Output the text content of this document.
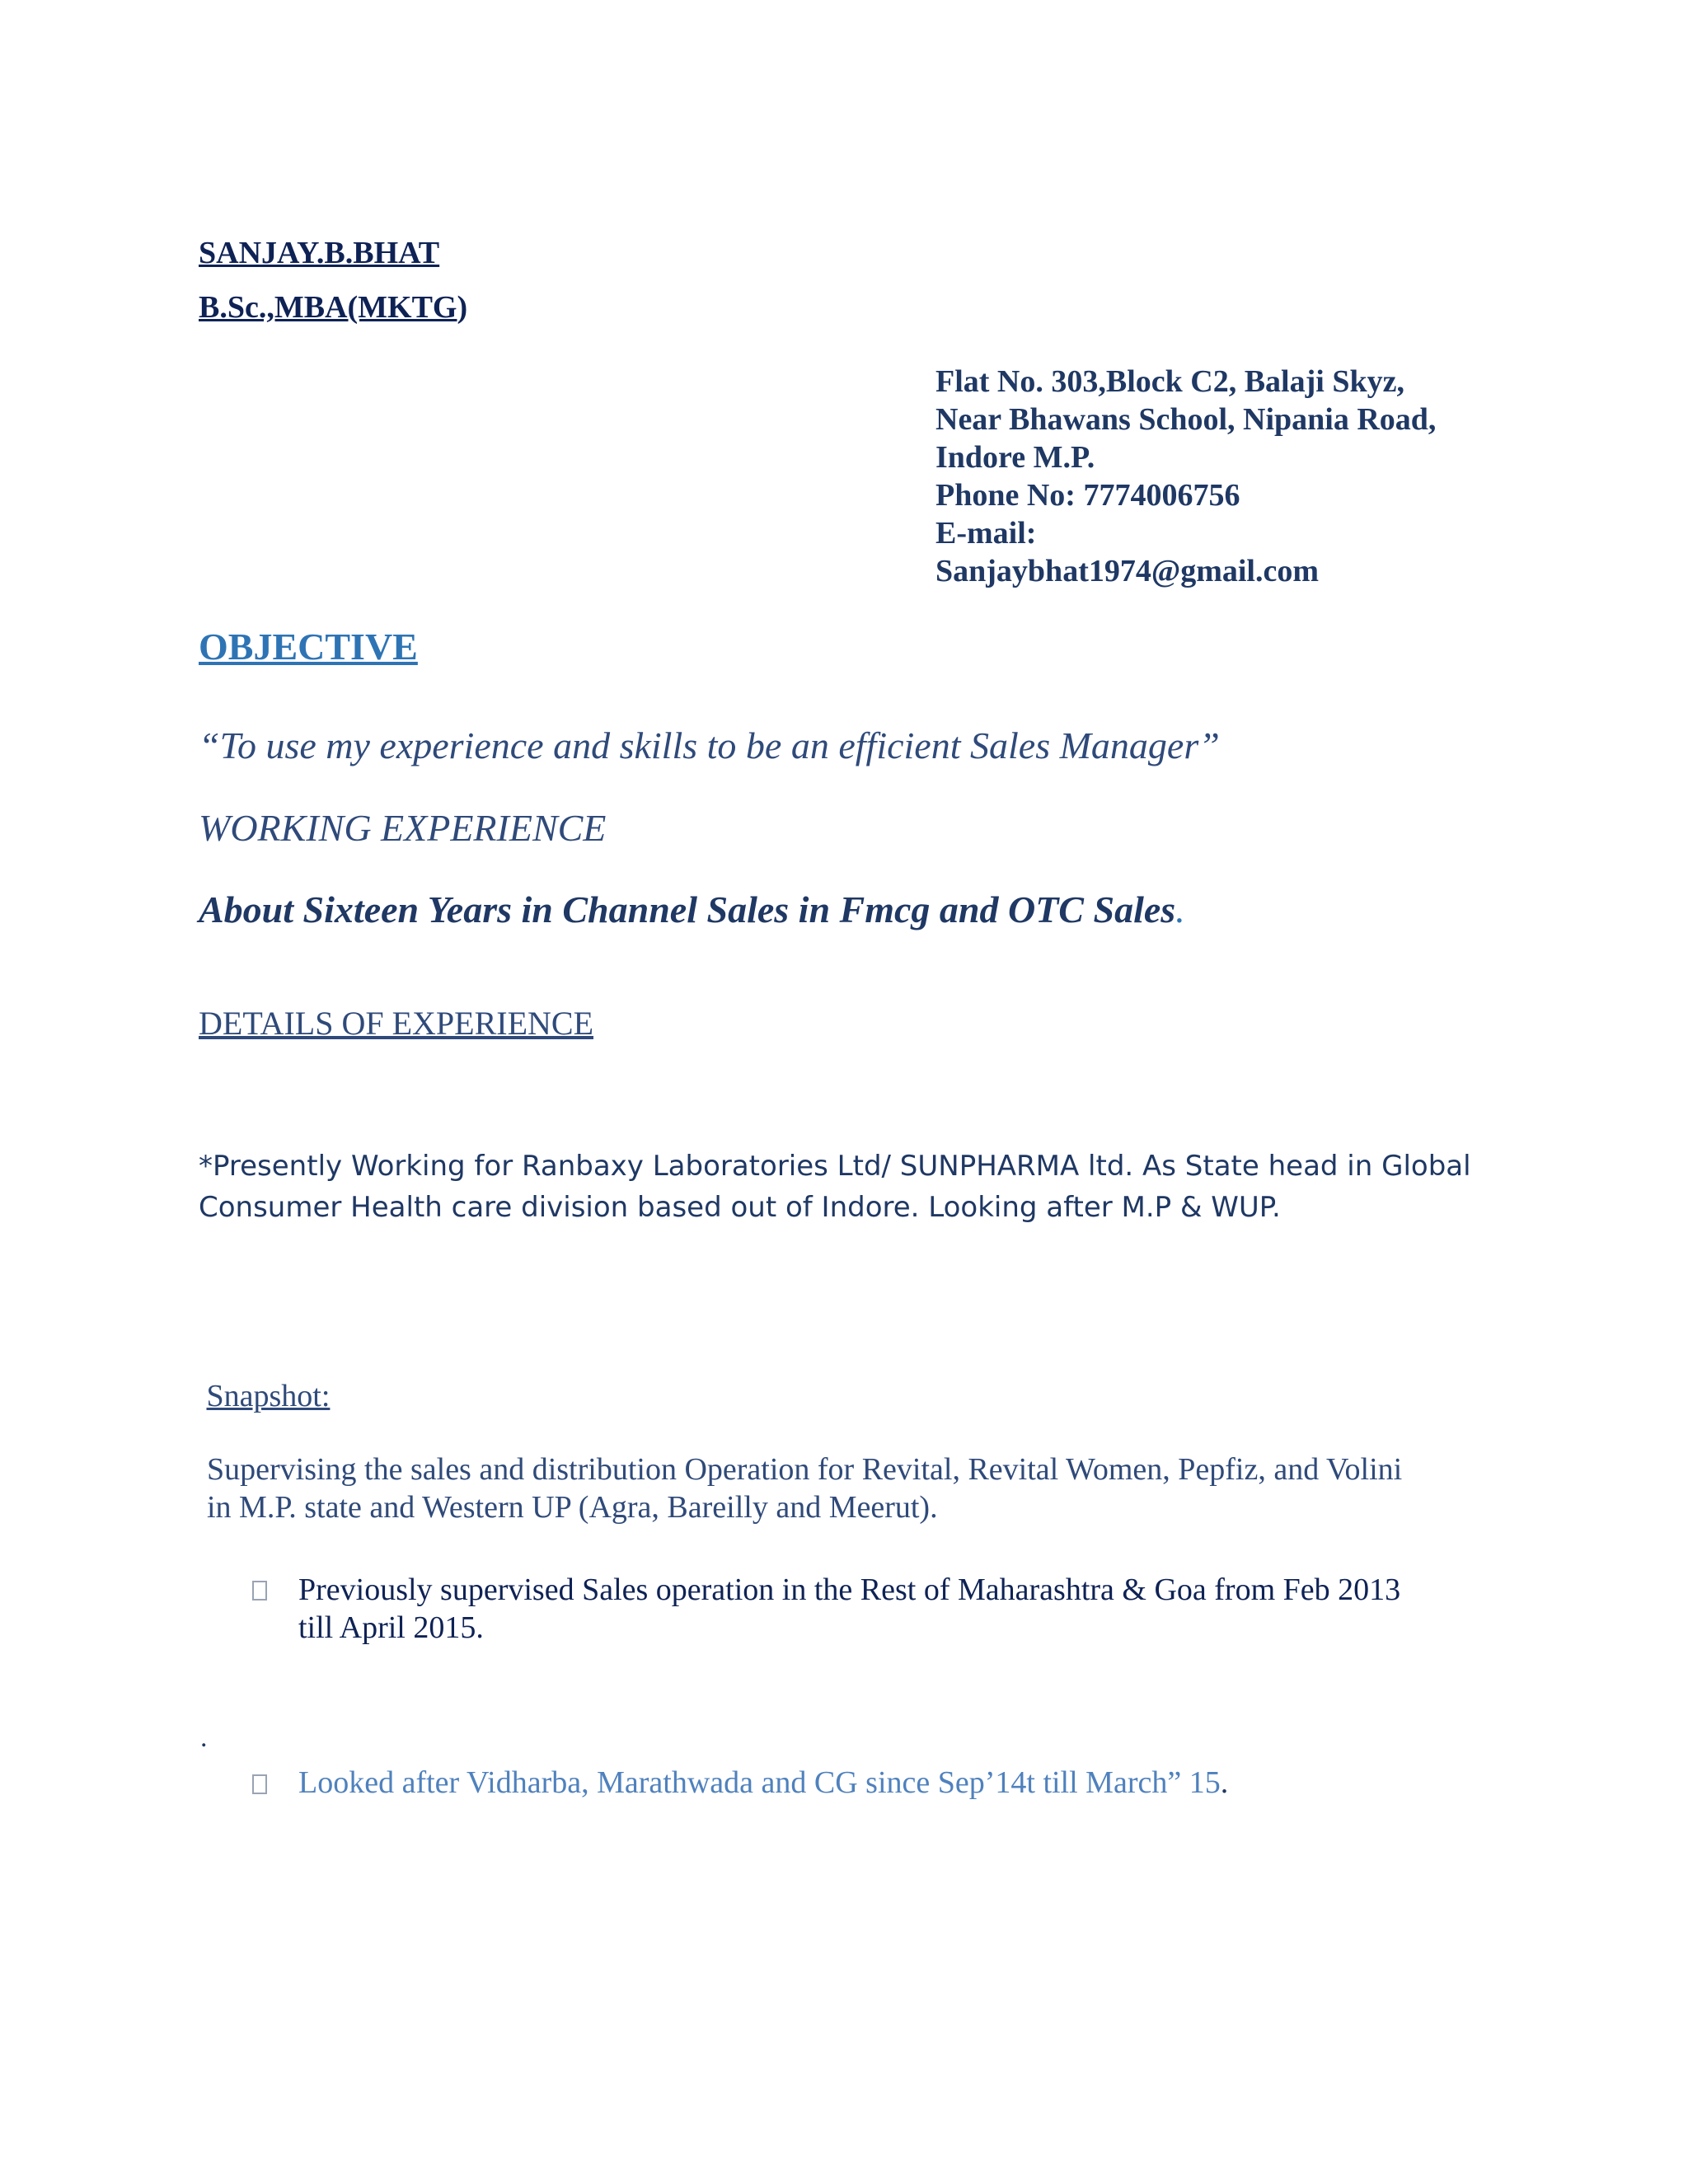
SANJAY.B.BHAT

B.Sc.,MBA(MKTG)

Flat No. 303,Block C2, Balaji Skyz,
Near Bhawans School, Nipania Road,
Indore M.P.
Phone No: 7774006756
E-mail:
Sanjaybhat1974@gmail.com

OBJECTIVE

“To use my experience and skills to be an efficient Sales Manager”

WORKING EXPERIENCE

About Sixteen Years in Channel Sales in Fmcg and OTC Sales.

DETAILS OF EXPERIENCE

*Presently Working for Ranbaxy Laboratories Ltd/ SUNPHARMA ltd. As State head in Global
Consumer Health care division based out of Indore. Looking after M.P & WUP.

Snapshot:

Supervising the sales and distribution Operation for Revital, Revital Women, Pepfiz, and Volini
in M.P. state and Western UP (Agra, Bareilly and Meerut).
Previously supervised Sales operation in the Rest of Maharashtra & Goa from Feb 2013
till April 2015.

.

Looked after Vidharba, Marathwada and CG since Sep’14t till March” 15.
